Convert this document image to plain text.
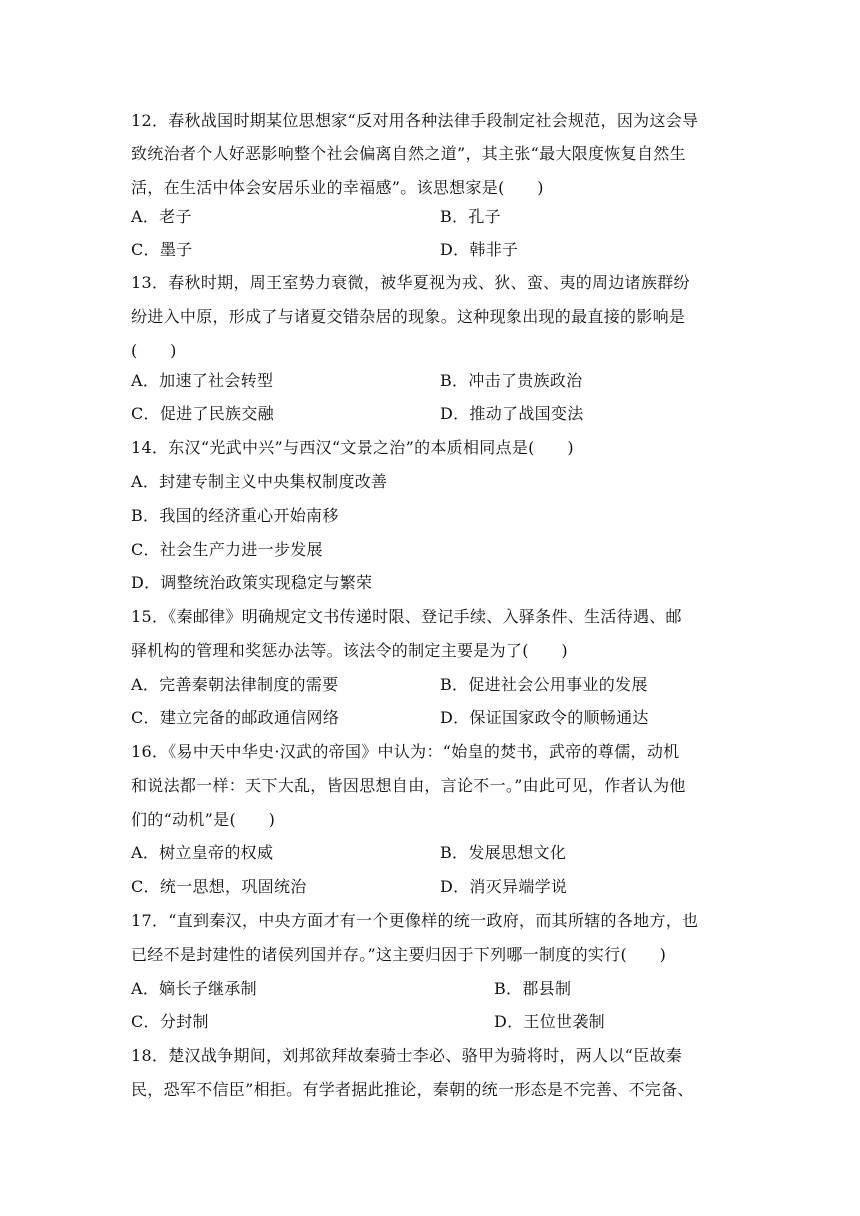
12．春秋战国时期某位思想家“反对用各种法律手段制定社会规范，因为这会导
致统治者个人好恶影响整个社会偏离自然之道”，其主张“最大限度恢复自然生
活，在生活中体会安居乐业的幸福感”。该思想家是(　　)
A．老子	B．孔子
C．墨子	D．韩非子
13．春秋时期，周王室势力衰微，被华夏视为戎、狄、蛮、夷的周边诸族群纷
纷进入中原，形成了与诸夏交错杂居的现象。这种现象出现的最直接的影响是
(　　)
A．加速了社会转型	B．冲击了贵族政治
C．促进了民族交融	D．推动了战国变法
14．东汉“光武中兴”与西汉“文景之治”的本质相同点是(　　)
A．封建专制主义中央集权制度改善
B．我国的经济重心开始南移
C．社会生产力进一步发展
D．调整统治政策实现稳定与繁荣
15．《秦邮律》明确规定文书传递时限、登记手续、入驿条件、生活待遇、邮
驿机构的管理和奖惩办法等。该法令的制定主要是为了(　　)
A．完善秦朝法律制度的需要	B．促进社会公用事业的发展
C．建立完备的邮政通信网络	D．保证国家政令的顺畅通达
16．《易中天中华史·汉武的帝国》中认为：“始皇的焚书，武帝的尊儒，动机
和说法都一样：天下大乱，皆因思想自由，言论不一。”由此可见，作者认为他
们的“动机”是(　　)
A．树立皇帝的权威	B．发展思想文化
C．统一思想，巩固统治	D．消灭异端学说
17．“直到秦汉，中央方面才有一个更像样的统一政府，而其所辖的各地方，也
已经不是封建性的诸侯列国并存。”这主要归因于下列哪一制度的实行(　　)
A．嫡长子继承制	B．郡县制
C．分封制	D．王位世袭制
18．楚汉战争期间，刘邦欲拜故秦骑士李必、骆甲为骑将时，两人以“臣故秦
民，恐军不信臣”相拒。有学者据此推论，秦朝的统一形态是不完善、不完备、
